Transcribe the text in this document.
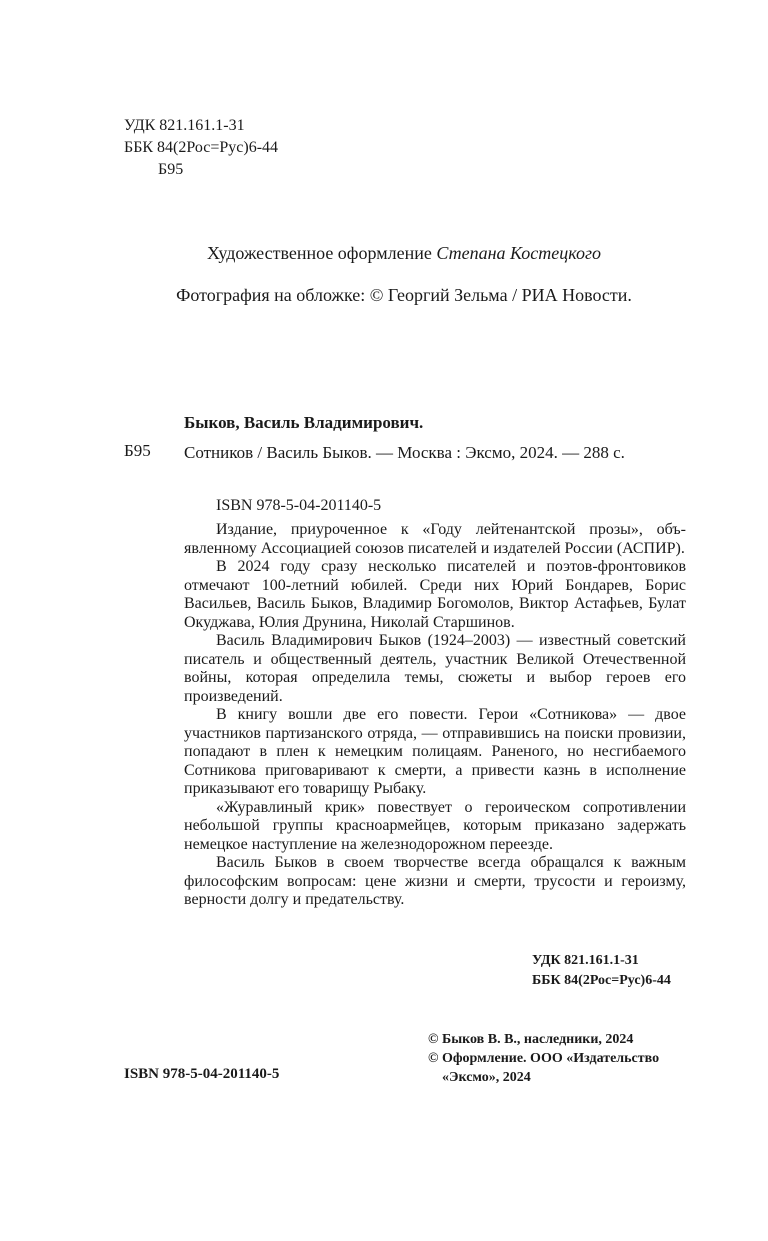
УДК 821.161.1-31
ББК 84(2Рос=Рус)6-44
Б95
Художественное оформление Степана Костецкого
Фотография на обложке: © Георгий Зельма / РИА Новости.
Быков, Василь Владимирович.
Б95 Сотников / Василь Быков. — Москва : Эксмо, 2024. — 288 с.
ISBN 978-5-04-201140-5

Издание, приуроченное к «Году лейтенантской прозы», объявленному Ассоциацией союзов писателей и издателей России (АСПИР).

В 2024 году сразу несколько писателей и поэтов-фронтовиков отмечают 100-летний юбилей. Среди них Юрий Бондарев, Борис Васильев, Василь Быков, Владимир Богомолов, Виктор Астафьев, Булат Окуджава, Юлия Друнина, Николай Старшинов.

Василь Владимирович Быков (1924–2003) — известный советский писатель и общественный деятель, участник Великой Отечественной войны, которая определила темы, сюжеты и выбор героев его произведений.

В книгу вошли две его повести. Герои «Сотникова» — двое участников партизанского отряда, — отправившись на поиски провизии, попадают в плен к немецким полицаям. Раненого, но несгибаемого Сотникова приговаривают к смерти, а привести казнь в исполнение приказывают его товарищу Рыбаку.

«Журавлиный крик» повествует о героическом сопротивлении небольшой группы красноармейцев, которым приказано задержать немецкое наступление на железнодорожном переезде.

Василь Быков в своем творчестве всегда обращался к важным философским вопросам: цене жизни и смерти, трусости и героизму, верности долгу и предательству.

УДК 821.161.1-31
ББК 84(2Рос=Рус)6-44
© Быков В. В., наследники, 2024
© Оформление. ООО «Издательство
«Эксмо», 2024
ISBN 978-5-04-201140-5
